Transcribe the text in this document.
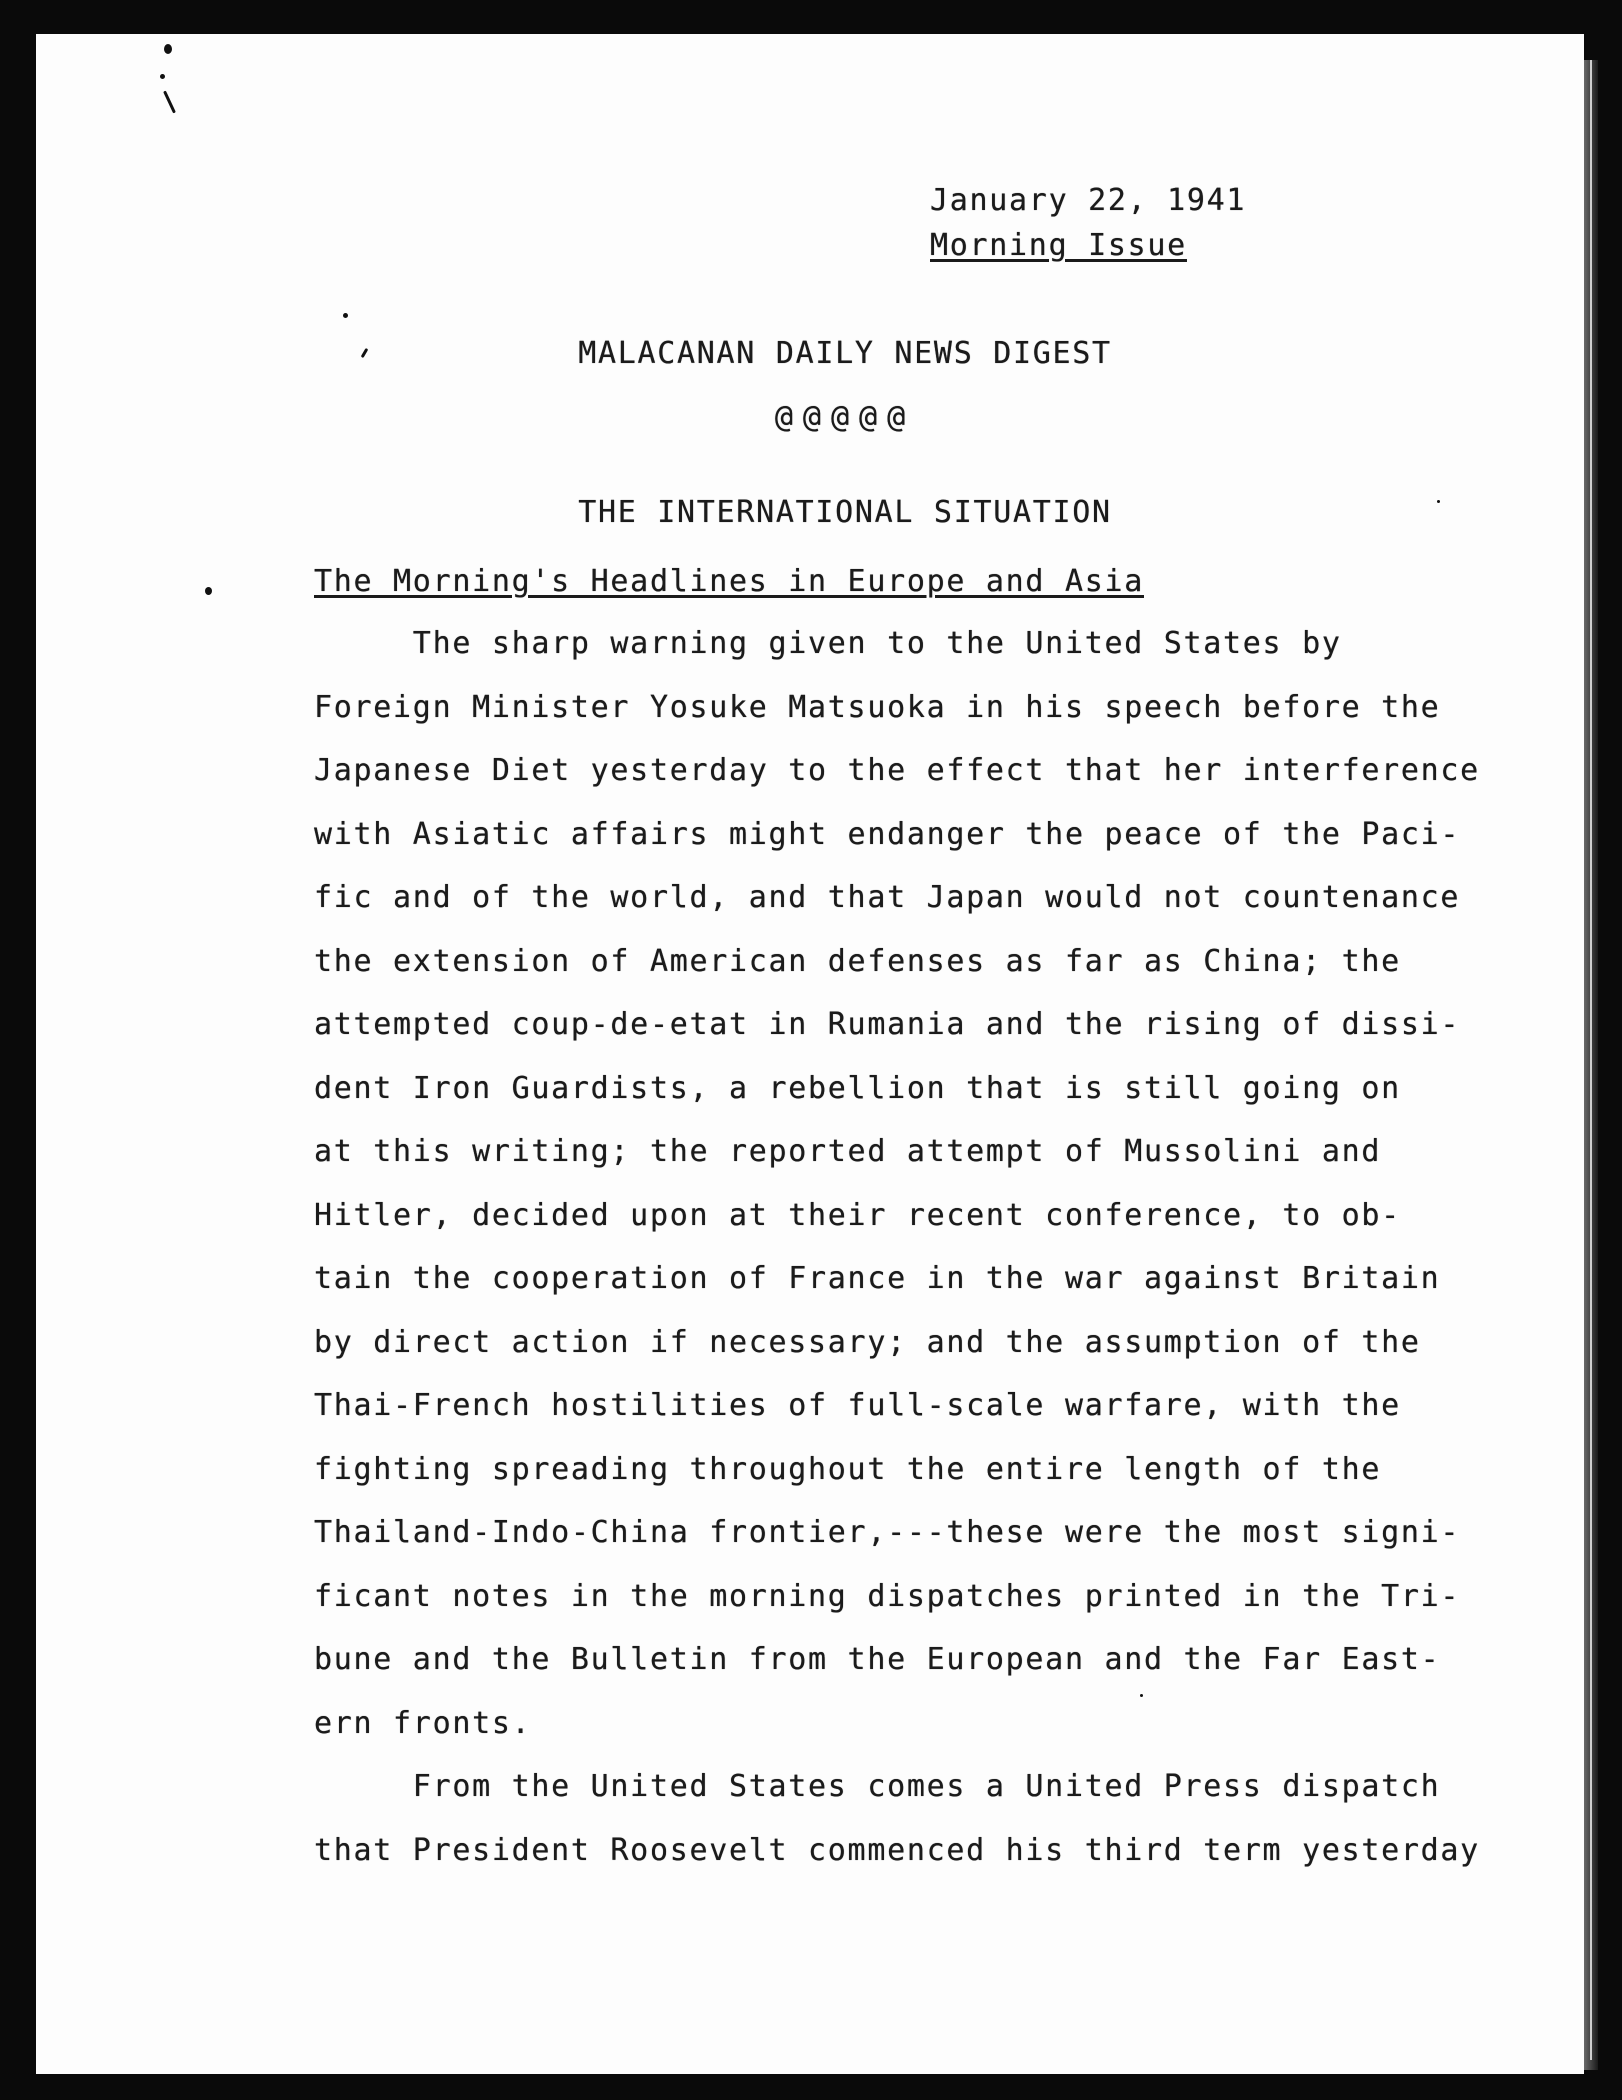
January 22, 1941
Morning Issue
MALACANAN DAILY NEWS DIGEST
@@@@@
THE INTERNATIONAL SITUATION
The Morning's Headlines in Europe and Asia
The sharp warning given to the United States by
Foreign Minister Yosuke Matsuoka in his speech before the
Japanese Diet yesterday to the effect that her interference
with Asiatic affairs might endanger the peace of the Paci-
fic and of the world, and that Japan would not countenance
the extension of American defenses as far as China; the
attempted coup-de-etat in Rumania and the rising of dissi-
dent Iron Guardists, a rebellion that is still going on
at this writing; the reported attempt of Mussolini and
Hitler, decided upon at their recent conference, to ob-
tain the cooperation of France in the war against Britain
by direct action if necessary; and the assumption of the
Thai-French hostilities of full-scale warfare, with the
fighting spreading throughout the entire length of the
Thailand-Indo-China frontier,---these were the most signi-
ficant notes in the morning dispatches printed in the Tri-
bune and the Bulletin from the European and the Far East-
ern fronts.
From the United States comes a United Press dispatch
that President Roosevelt commenced his third term yesterday
